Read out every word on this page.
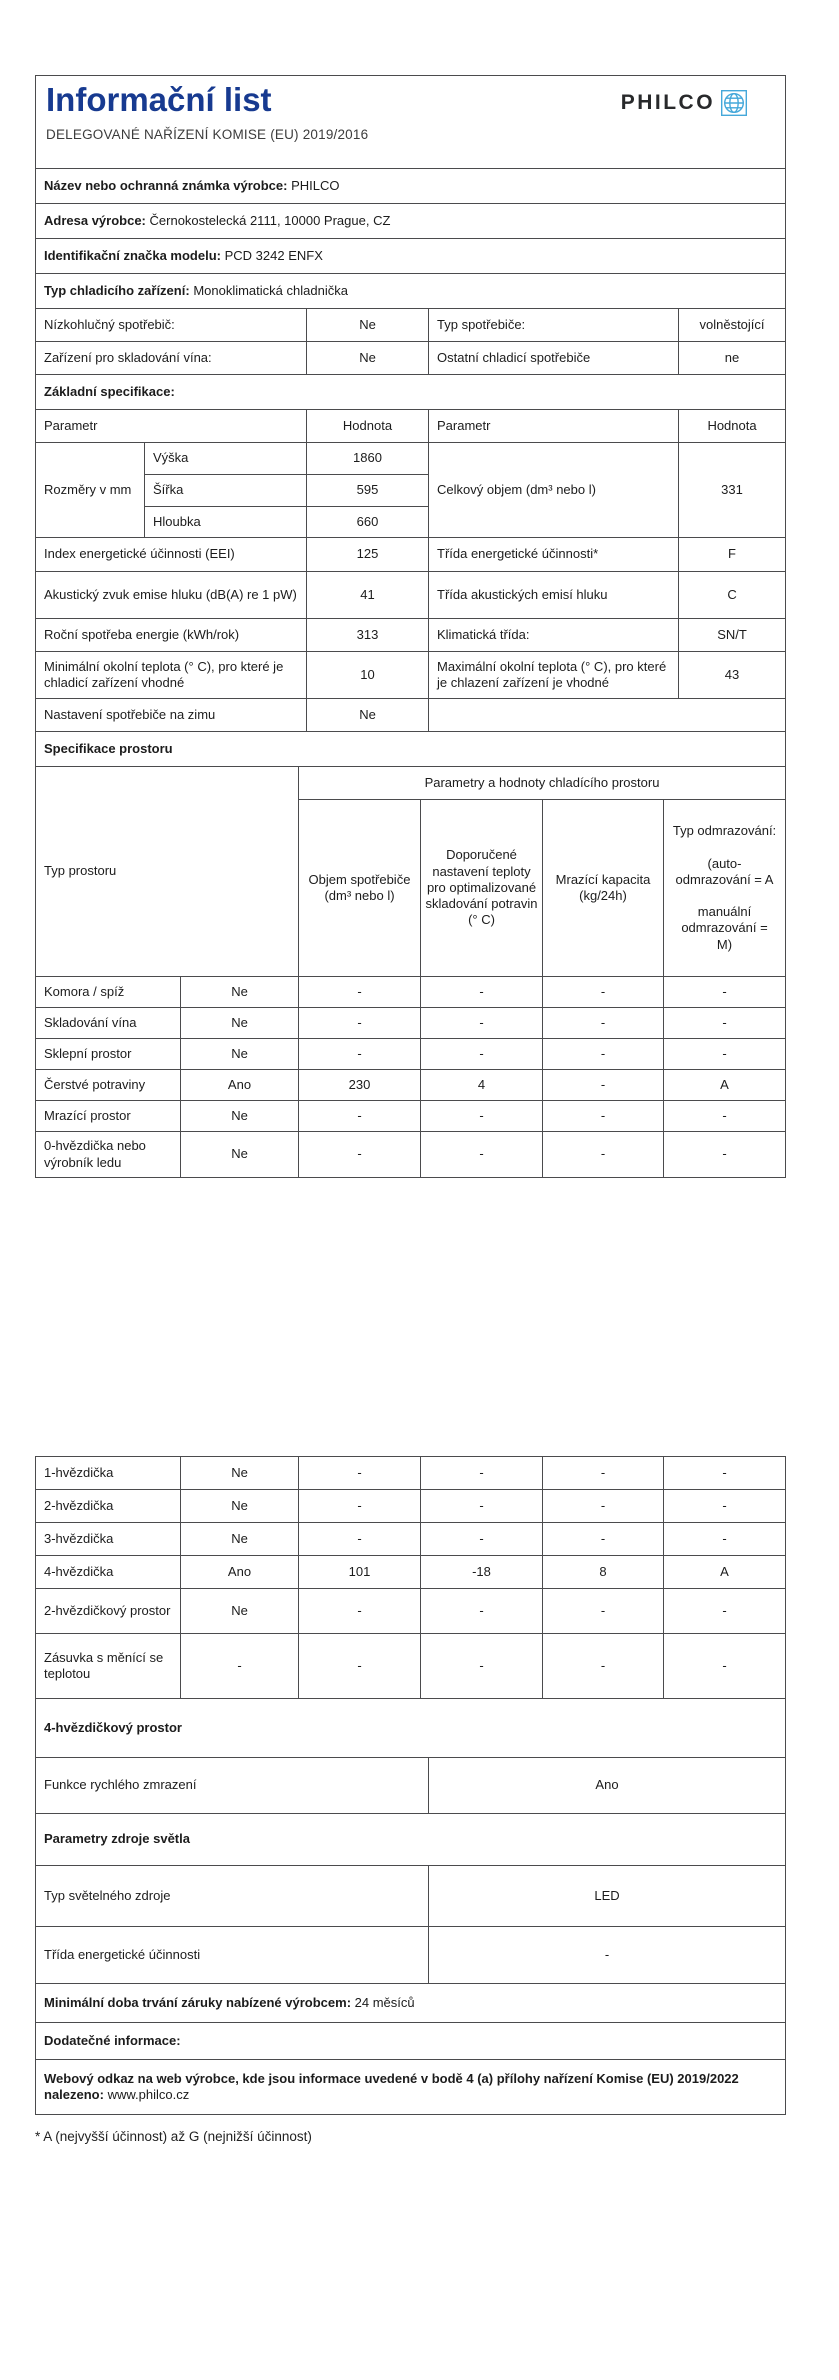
Informační list	PHILCO
DELEGOVANÉ NAŘÍZENÍ KOMISE (EU) 2019/2016

Název nebo ochranná známka výrobce: PHILCO				
Adresa výrobce: Černokostelecká 2111, 10000 Prague, CZ				
Identifikační značka modelu: PCD 3242 ENFX				
Typ chladicího zařízení: Monoklimatická chladnička				
Nízkohlučný spotřebič:		Ne	Typ spotřebiče:	volněstojící
Zařízení pro skladování vína:		Ne	Ostatní chladicí spotřebiče	ne
Základní specifikace:				
Parametr		Hodnota	Parametr	Hodnota
Rozměry v mm	Výška	1860	Celkový objem (dm³ nebo l)	331
	Šířka	595		
	Hloubka	660		
Index energetické účinnosti (EEI)		125	Třída energetické účinnosti*	F
Akustický zvuk emise hluku (dB(A) re 1 pW)		41	Třída akustických emisí hluku	C
Roční spotřeba energie (kWh/rok)		313	Klimatická třída:	SN/T
Minimální okolní teplota (° C), pro které je chladicí zařízení vhodné		10	Maximální okolní teplota (° C), pro které je chlazení zařízení je vhodné	43
Nastavení spotřebiče na zimu		Ne		
Specifikace prostoru					
Typ prostoru		Parametry a hodnoty chladícího prostoru			
		Objem spotřebiče (dm³ nebo l)	Doporučené nastavení teploty pro optimalizované skladování potravin (° C)	Mrazící kapacita (kg/24h)	Typ odmrazování:
(auto-odmrazování = A
manuální odmrazování = M)

Komora / spíž	Ne	-	-	-	-
Skladování vína	Ne	-	-	-	-
Sklepní prostor	Ne	-	-	-	-
Čerstvé potraviny	Ano	230	4	-	A
Mrazící prostor	Ne	-	-	-	-
0-hvězdička nebo výrobník ledu	Ne	-	-	-	-
1-hvězdička	Ne	-	-	-	-
2-hvězdička	Ne	-	-	-	-
3-hvězdička	Ne	-	-	-	-
4-hvězdička	Ano	101	-18	8	A
2-hvězdičkový prostor	Ne	-	-	-	-
Zásuvka s měnící se teplotou	-	-	-	-	-
4-hvězdičkový prostor	
Funkce rychlého zmrazení	Ano
Parametry zdroje světla	
Typ světelného zdroje	LED
Třída energetické účinnosti	-
Minimální doba trvání záruky nabízené výrobcem: 24 měsíců	
Dodatečné informace:	
Webový odkaz na web výrobce, kde jsou informace uvedené v bodě 4 (a) přílohy nařízení Komise (EU) 2019/2022 nalezeno: www.philco.cz	
* A (nejvyšší účinnost) až G (nejnižší účinnost)
